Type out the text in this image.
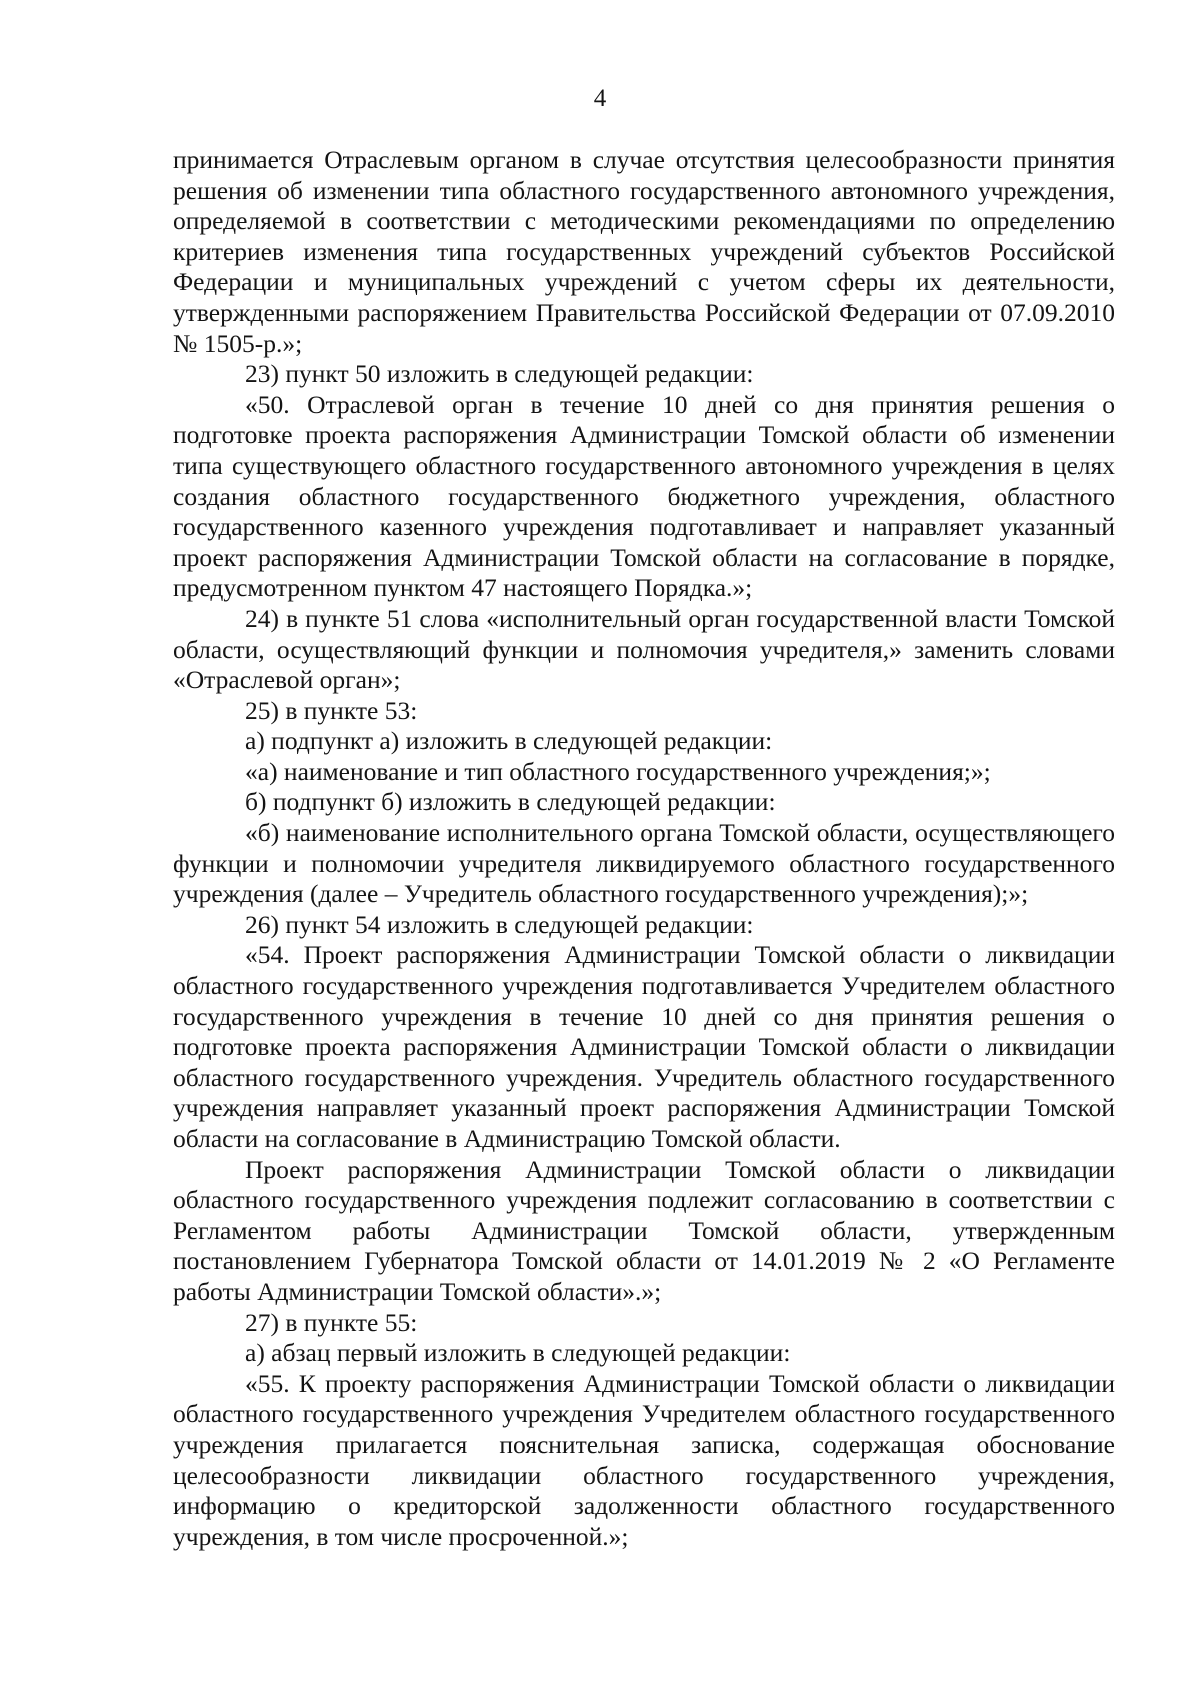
4

принимается Отраслевым органом в случае отсутствия целесообразности принятия решения об изменении типа областного государственного автономного учреждения, определяемой в соответствии с методическими рекомендациями по определению критериев изменения типа государственных учреждений субъектов Российской Федерации и муниципальных учреждений с учетом сферы их деятельности, утвержденными распоряжением Правительства Российской Федерации от 07.09.2010 № 1505-р.»;

23) пункт 50 изложить в следующей редакции:

«50. Отраслевой орган в течение 10 дней со дня принятия решения о подготовке проекта распоряжения Администрации Томской области об изменении типа существующего областного государственного автономного учреждения в целях создания областного государственного бюджетного учреждения, областного государственного казенного учреждения подготавливает и направляет указанный проект распоряжения Администрации Томской области на согласование в порядке, предусмотренном пунктом 47 настоящего Порядка.»;

24) в пункте 51 слова «исполнительный орган государственной власти Томской области, осуществляющий функции и полномочия учредителя,» заменить словами «Отраслевой орган»;

25) в пункте 53:

а) подпункт а) изложить в следующей редакции:

«а) наименование и тип областного государственного учреждения;»;

б) подпункт б) изложить в следующей редакции:

«б) наименование исполнительного органа Томской области, осуществляющего функции и полномочии учредителя ликвидируемого областного государственного учреждения (далее – Учредитель областного государственного учреждения);»;

26) пункт 54 изложить в следующей редакции:

«54. Проект распоряжения Администрации Томской области о ликвидации областного государственного учреждения подготавливается Учредителем областного государственного учреждения в течение 10 дней со дня принятия решения о подготовке проекта распоряжения Администрации Томской области о ликвидации областного государственного учреждения. Учредитель областного государственного учреждения направляет указанный проект распоряжения Администрации Томской области на согласование в Администрацию Томской области.

Проект распоряжения Администрации Томской области о ликвидации областного государственного учреждения подлежит согласованию в соответствии с Регламентом работы Администрации Томской области, утвержденным постановлением Губернатора Томской области от 14.01.2019 № 2 «О Регламенте работы Администрации Томской области».»;

27) в пункте 55:

а) абзац первый изложить в следующей редакции:

«55. К проекту распоряжения Администрации Томской области о ликвидации областного государственного учреждения Учредителем областного государственного учреждения прилагается пояснительная записка, содержащая обоснование целесообразности ликвидации областного государственного учреждения, информацию о кредиторской задолженности областного государственного учреждения, в том числе просроченной.»;
